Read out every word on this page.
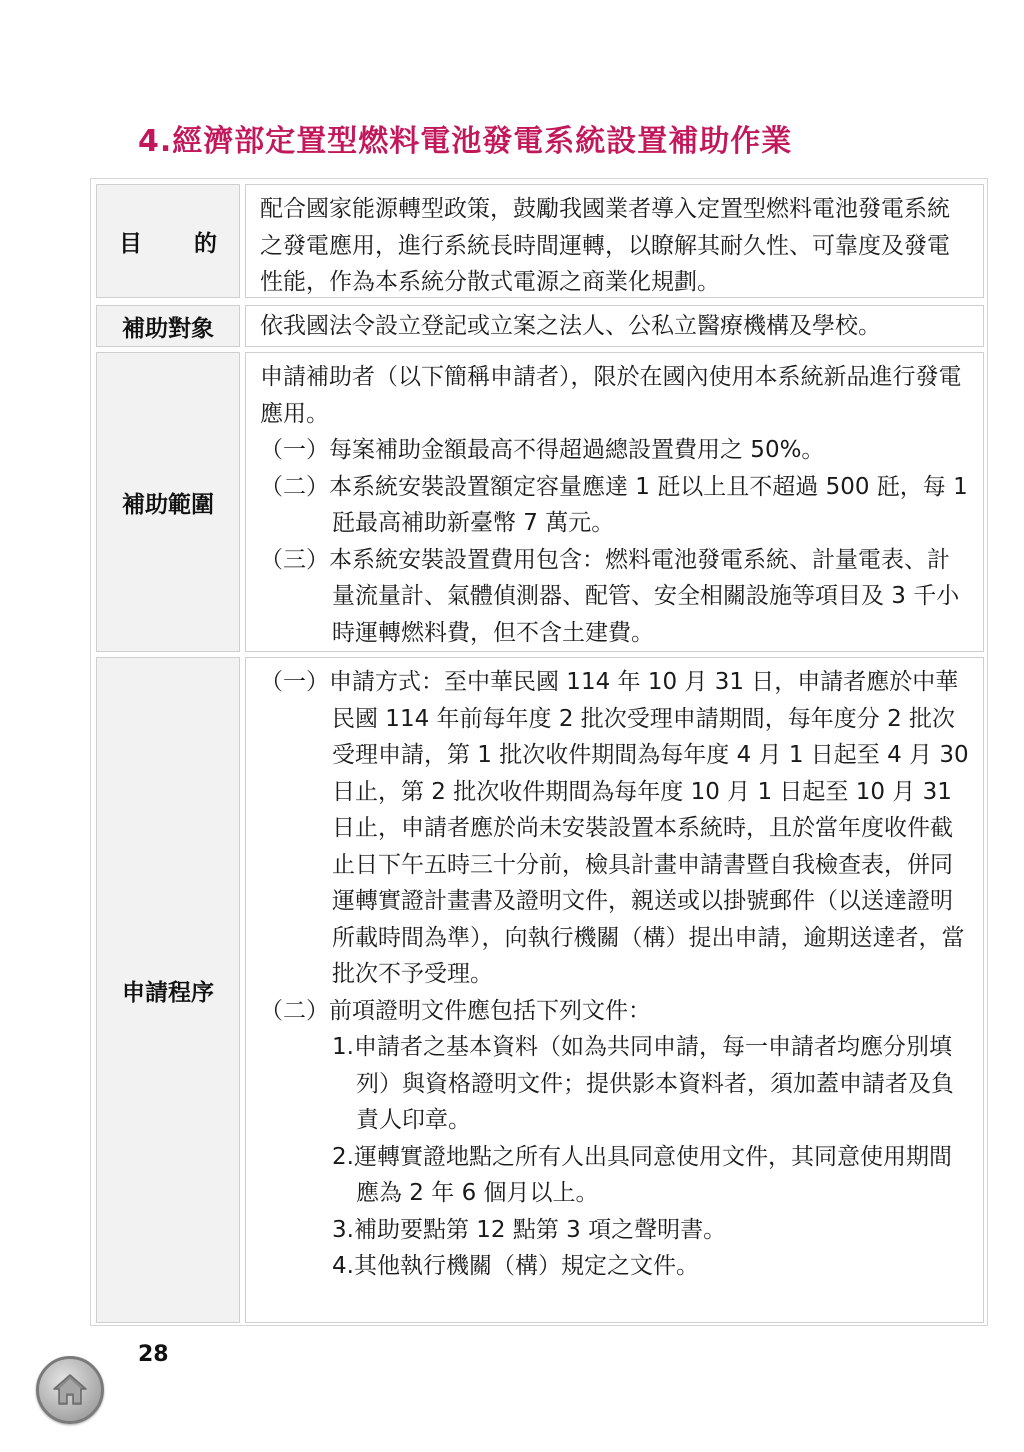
4.經濟部定置型燃料電池發電系統設置補助作業
目 的

配合國家能源轉型政策，鼓勵我國業者導入定置型燃料電池發電系統之發電應用，進行系統長時間運轉，以瞭解其耐久性、可靠度及發電性能，作為本系統分散式電源之商業化規劃。

補助對象	依我國法令設立登記或立案之法人、公私立醫療機構及學校。

補助範圍

申請補助者（以下簡稱申請者），限於在國內使用本系統新品進行發電應用。

（一）每案補助金額最高不得超過總設置費用之 50%。

（二）本系統安裝設置額定容量應達 1 瓩以上且不超過 500 瓩，每 1 瓩最高補助新臺幣 7 萬元。

（三）本系統安裝設置費用包含：燃料電池發電系統、計量電表、計量流量計、氣體偵測器、配管、安全相關設施等項目及 3 千小時運轉燃料費，但不含土建費。

申請程序

（一）申請方式：至中華民國 114 年 10 月 31 日，申請者應於中華民國 114 年前每年度 2 批次受理申請期間，每年度分 2 批次受理申請，第 1 批次收件期間為每年度 4 月 1 日起至 4 月 30 日止，第 2 批次收件期間為每年度 10 月 1 日起至 10 月 31 日止，申請者應於尚未安裝設置本系統時，且於當年度收件截止日下午五時三十分前，檢具計畫申請書暨自我檢查表，併同運轉實證計畫書及證明文件，親送或以掛號郵件（以送達證明所載時間為準），向執行機關（構）提出申請，逾期送達者，當批次不予受理。

（二）前項證明文件應包括下列文件：

1.申請者之基本資料（如為共同申請，每一申請者均應分別填列）與資格證明文件；提供影本資料者，須加蓋申請者及負責人印章。

2.運轉實證地點之所有人出具同意使用文件，其同意使用期間應為 2 年 6 個月以上。

3.補助要點第 12 點第 3 項之聲明書。

4.其他執行機關（構）規定之文件。

28
